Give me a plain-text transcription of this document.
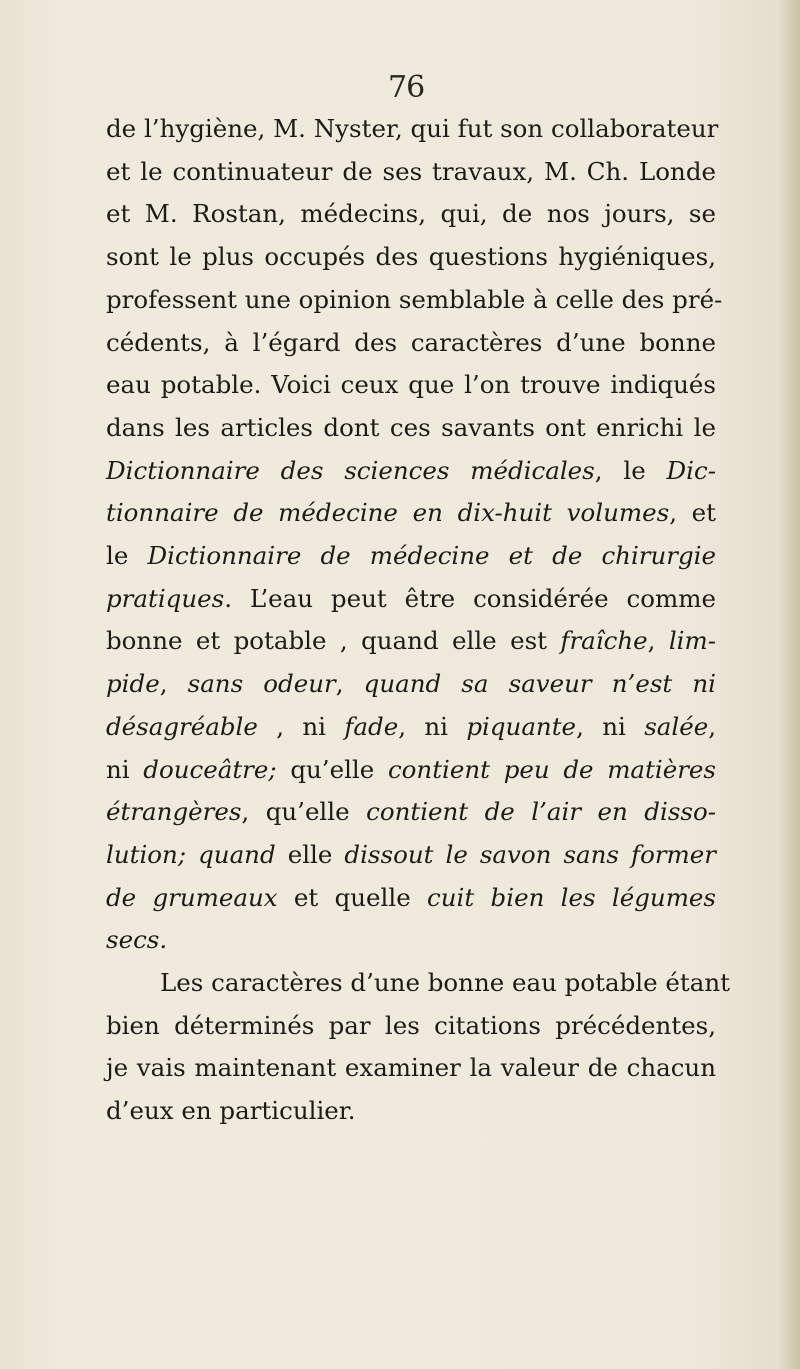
76

de l’hygiène, M. Nyster, qui fut son collaborateur
et le continuateur de ses travaux, M. Ch. Londe
et M. Rostan, médecins, qui, de nos jours, se
sont le plus occupés des questions hygiéniques,
professent une opinion semblable à celle des pré-
cédents, à l’égard des caractères d’une bonne
eau potable. Voici ceux que l’on trouve indiqués
dans les articles dont ces savants ont enrichi le
Dictionnaire des sciences médicales, le Dic-
tionnaire de médecine en dix-huit volumes, et
le Dictionnaire de médecine et de chirurgie
pratiques. L’eau peut être considérée comme
bonne et potable , quand elle est fraîche, lim-
pide, sans odeur, quand sa saveur n’est ni
désagréable , ni fade, ni piquante, ni salée,
ni douceâtre; qu’elle contient peu de matières
étrangères, qu’elle contient de l’air en disso-
lution; quand elle dissout le savon sans former
de grumeaux et quelle cuit bien les légumes
secs.

Les caractères d’une bonne eau potable étant
bien déterminés par les citations précédentes,
je vais maintenant examiner la valeur de chacun
d’eux en particulier.
